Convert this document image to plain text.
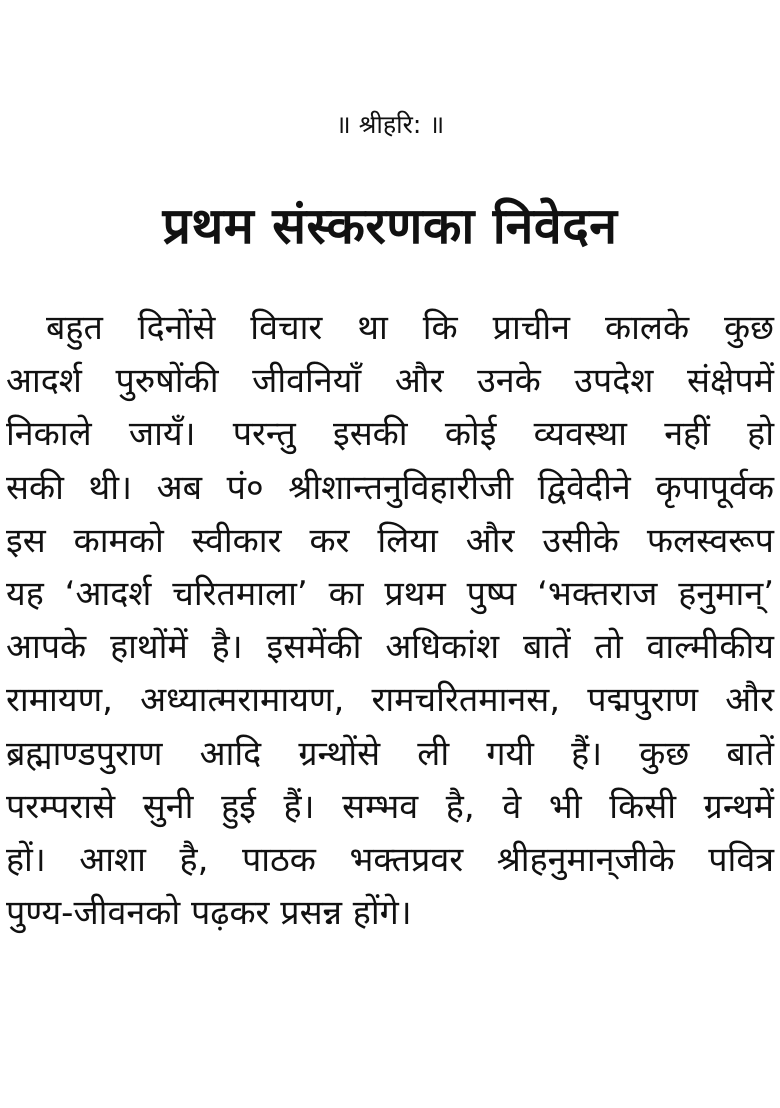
॥ श्रीहरि: ॥
प्रथम संस्करणका निवेदन
बहुत दिनोंसे विचार था कि प्राचीन कालके कुछ
आदर्श पुरुषोंकी जीवनियाँ और उनके उपदेश संक्षेपमें
निकाले जायँ। परन्तु इसकी कोई व्यवस्था नहीं हो
सकी थी। अब पं० श्रीशान्तनुविहारीजी द्विवेदीने कृपापूर्वक
इस कामको स्वीकार कर लिया और उसीके फलस्वरूप
यह ‘आदर्श चरितमाला’ का प्रथम पुष्प ‘भक्तराज हनुमान्’
आपके हाथोंमें है। इसमेंकी अधिकांश बातें तो वाल्मीकीय
रामायण, अध्यात्मरामायण, रामचरितमानस, पद्मपुराण और
ब्रह्माण्डपुराण आदि ग्रन्थोंसे ली गयी हैं। कुछ बातें
परम्परासे सुनी हुई हैं। सम्भव है, वे भी किसी ग्रन्थमें
हों। आशा है, पाठक भक्तप्रवर श्रीहनुमान्‌जीके पवित्र
पुण्य-जीवनको पढ़कर प्रसन्न होंगे।
